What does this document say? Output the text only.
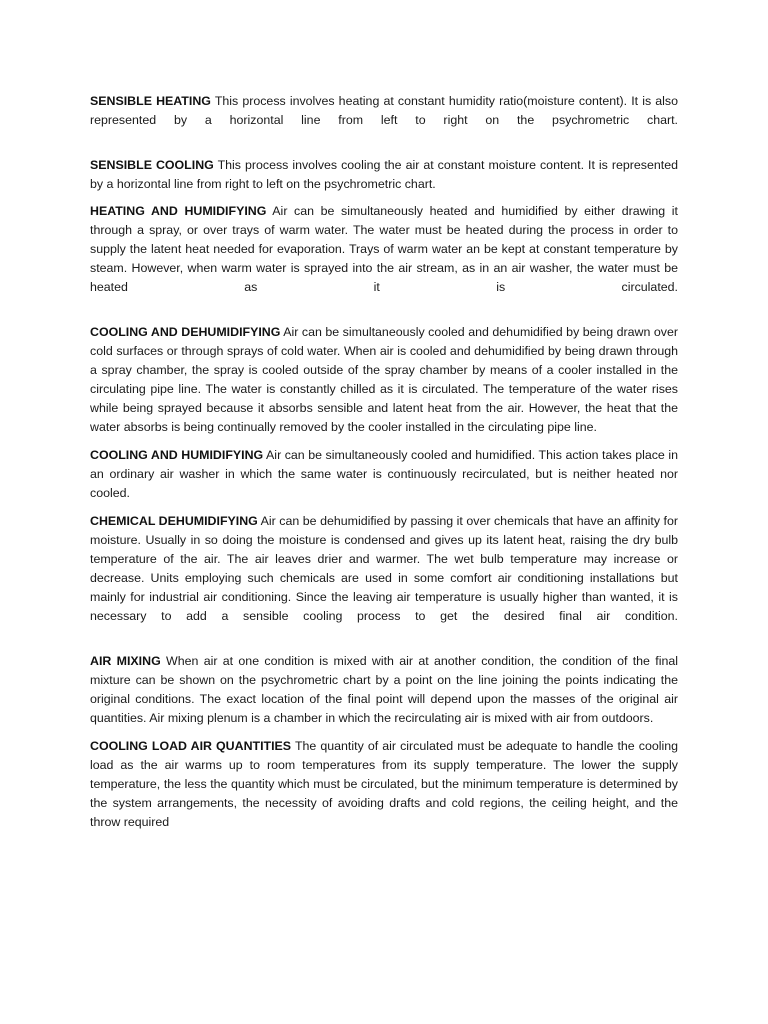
SENSIBLE HEATING This process involves heating at constant humidity ratio(moisture content). It is also represented by a horizontal line from left to right on the psychrometric chart.

SENSIBLE COOLING This process involves cooling the air at constant moisture content. It is represented by a horizontal line from right to left on the psychrometric chart.

HEATING AND HUMIDIFYING Air can be simultaneously heated and humidified by either drawing it through a spray, or over trays of warm water. The water must be heated during the process in order to supply the latent heat needed for evaporation. Trays of warm water an be kept at constant temperature by steam. However, when warm water is sprayed into the air stream, as in an air washer, the water must be heated as it is circulated.

COOLING AND DEHUMIDIFYING Air can be simultaneously cooled and dehumidified by being drawn over cold surfaces or through sprays of cold water. When air is cooled and dehumidified by being drawn through a spray chamber, the spray is cooled outside of the spray chamber by means of a cooler installed in the circulating pipe line. The water is constantly chilled as it is circulated. The temperature of the water rises while being sprayed because it absorbs sensible and latent heat from the air. However, the heat that the water absorbs is being continually removed by the cooler installed in the circulating pipe line.

COOLING AND HUMIDIFYING Air can be simultaneously cooled and humidified. This action takes place in an ordinary air washer in which the same water is continuously recirculated, but is neither heated nor cooled.

CHEMICAL DEHUMIDIFYING Air can be dehumidified by passing it over chemicals that have an affinity for moisture. Usually in so doing the moisture is condensed and gives up its latent heat, raising the dry bulb temperature of the air. The air leaves drier and warmer. The wet bulb temperature may increase or decrease. Units employing such chemicals are used in some comfort air conditioning installations but mainly for industrial air conditioning. Since the leaving air temperature is usually higher than wanted, it is necessary to add a sensible cooling process to get the desired final air condition.

AIR MIXING When air at one condition is mixed with air at another condition, the condition of the final mixture can be shown on the psychrometric chart by a point on the line joining the points indicating the original conditions. The exact location of the final point will depend upon the masses of the original air quantities. Air mixing plenum is a chamber in which the recirculating air is mixed with air from outdoors.

COOLING LOAD AIR QUANTITIES The quantity of air circulated must be adequate to handle the cooling load as the air warms up to room temperatures from its supply temperature. The lower the supply temperature, the less the quantity which must be circulated, but the minimum temperature is determined by the system arrangements, the necessity of avoiding drafts and cold regions, the ceiling height, and the throw required
